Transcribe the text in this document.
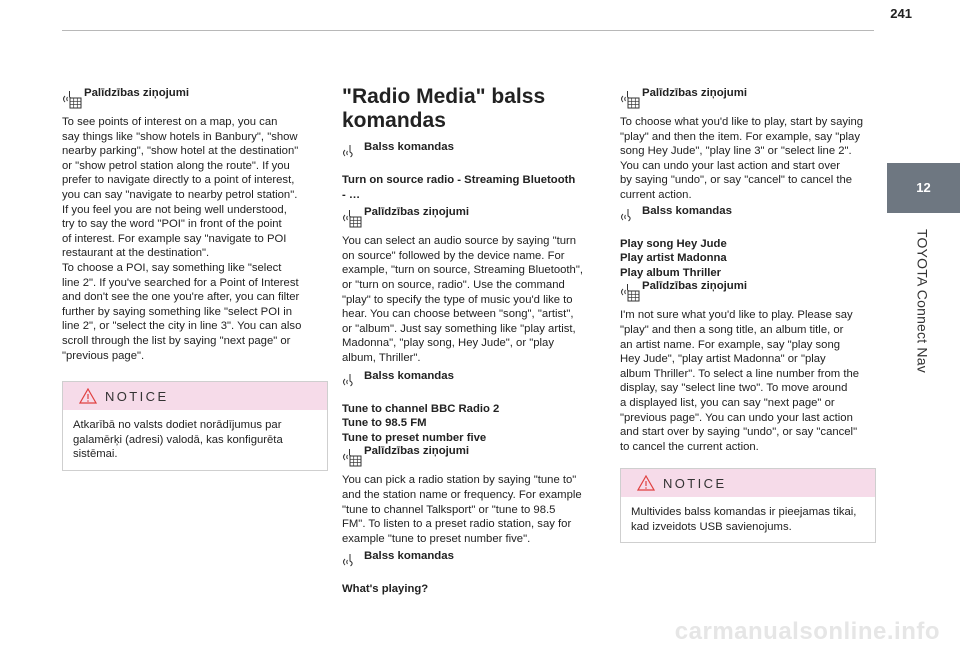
241
12
TOYOTA Connect Nav
Palīdzības ziņojumi

To see points of interest on a map, you can
say things like "show hotels in Banbury", "show
nearby parking", "show hotel at the destination"
or "show petrol station along the route". If you
prefer to navigate directly to a point of interest,
you can say "navigate to nearby petrol station".
If you feel you are not being well understood,
try to say the word "POI" in front of the point
of interest. For example say "navigate to POI
restaurant at the destination".
To choose a POI, say something like "select
line 2". If you've searched for a Point of Interest
and don't see the one you're after, you can filter
further by saying something like "select POI in
line 2", or "select the city in line 3". You can also
scroll through the list by saying "next page" or
"previous page".

NOTICE
Atkarībā no valsts dodiet norādījumus par
galamērķi (adresi) valodā, kas konfigurēta
sistēmai.
"Radio Media" balss
komandas
Balss komandas

Turn on source radio - Streaming Bluetooth
- …

Palīdzības ziņojumi

You can select an audio source by saying "turn
on source" followed by the device name. For
example, "turn on source, Streaming Bluetooth",
or "turn on source, radio". Use the command
"play" to specify the type of music you'd like to
hear. You can choose between "song", "artist",
or "album". Just say something like "play artist,
Madonna", "play song, Hey Jude", or "play
album, Thriller".

Balss komandas

Tune to channel BBC Radio 2
Tune to 98.5 FM
Tune to preset number five

Palīdzības ziņojumi

You can pick a radio station by saying "tune to"
and the station name or frequency. For example
"tune to channel Talksport" or "tune to 98.5
FM". To listen to a preset radio station, say for
example "tune to preset number five".

Balss komandas

What's playing?

Palīdzības ziņojumi

To choose what you'd like to play, start by saying
"play" and then the item. For example, say "play
song Hey Jude", "play line 3" or "select line 2".
You can undo your last action and start over
by saying "undo", or say "cancel" to cancel the
current action.

Balss komandas

Play song Hey Jude
Play artist Madonna
Play album Thriller

Palīdzības ziņojumi

I'm not sure what you'd like to play. Please say
"play" and then a song title, an album title, or
an artist name. For example, say "play song
Hey Jude", "play artist Madonna" or "play
album Thriller". To select a line number from the
display, say "select line two". To move around
a displayed list, you can say "next page" or
"previous page". You can undo your last action
and start over by saying "undo", or say "cancel"
to cancel the current action.

NOTICE
Multivides balss komandas ir pieejamas tikai,
kad izveidots USB savienojums.
carmanualsonline.info
